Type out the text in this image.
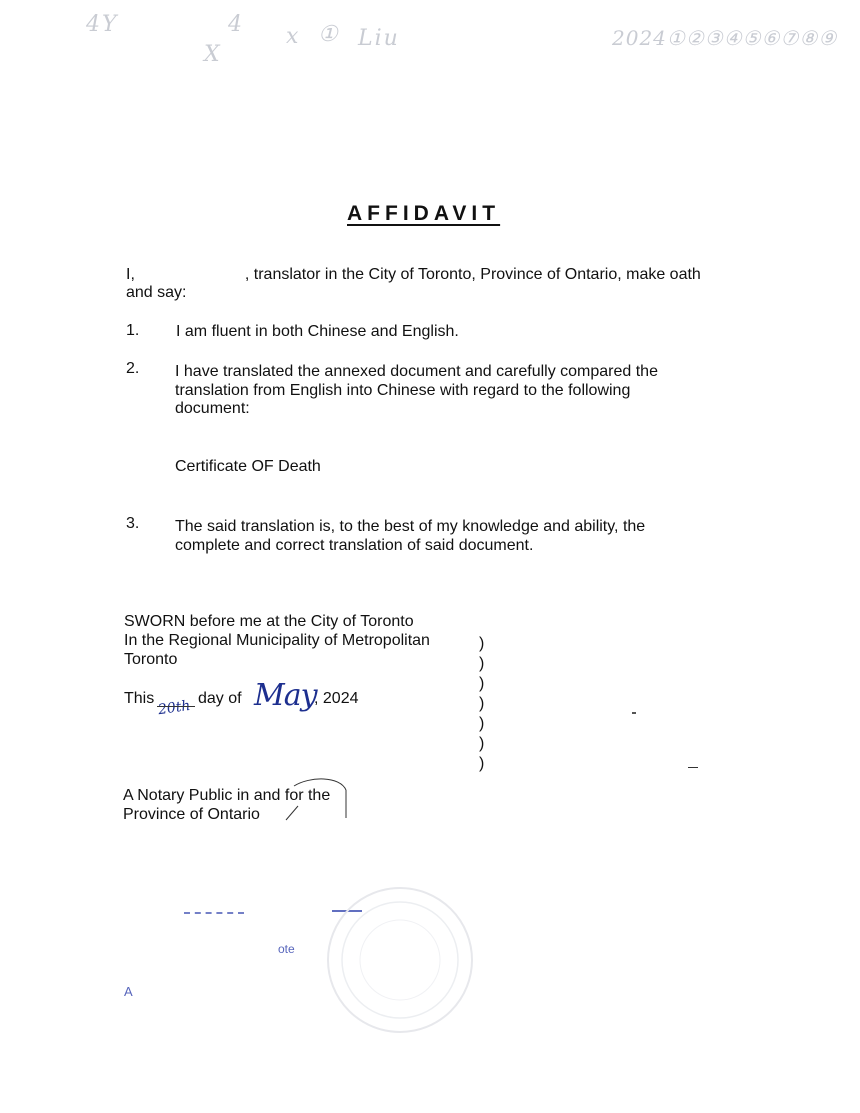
4Y	4
X
x ① Liu	2024①②③④⑤⑥⑦⑧⑨
AFFIDAVIT
I,	, translator in the City of Toronto, Province of Ontario, make oath
and say:
1. I am fluent in both Chinese and English.
2. I have translated the annexed document and carefully compared the
translation from English into Chinese with regard to the following
document:
Certificate OF Death
3. The said translation is, to the best of my knowledge and ability, the
complete and correct translation of said document.
SWORN before me at the City of Toronto
In the Regional Municipality of Metropolitan
Toronto
This 20th day of May
, 2024
)
)
)
)
)
)
)
A Notary Public in and for the
Province of Ontario
ote
A
